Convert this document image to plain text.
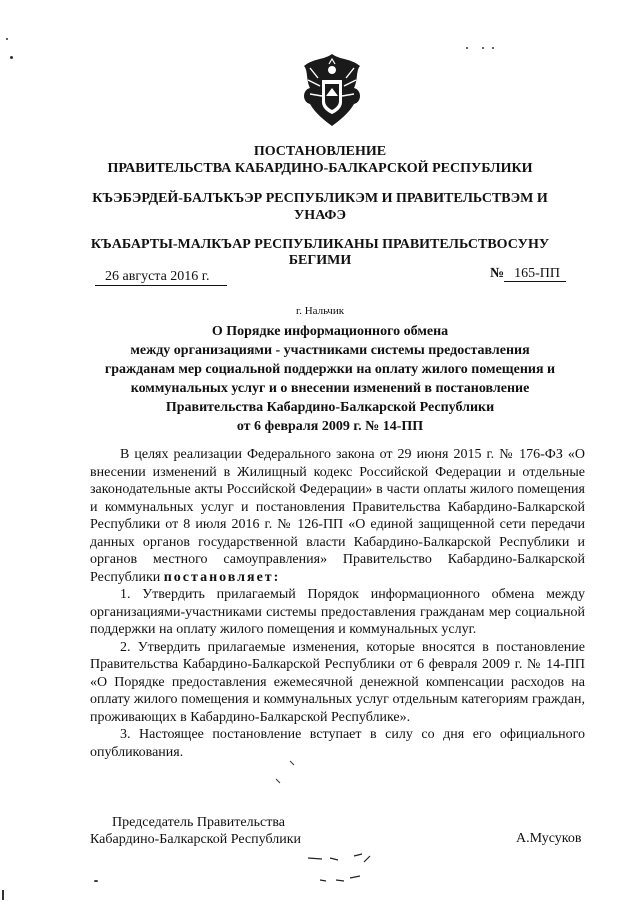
ПОСТАНОВЛЕНИЕ
ПРАВИТЕЛЬСТВА КАБАРДИНО-БАЛКАРСКОЙ РЕСПУБЛИКИ
КЪЭБЭРДЕЙ-БАЛЪКЪЭР РЕСПУБЛИКЭМ И ПРАВИТЕЛЬСТВЭМ И
УНАФЭ
КЪАБАРТЫ-МАЛКЪАР РЕСПУБЛИКАНЫ ПРАВИТЕЛЬСТВОСУНУ
БЕГИМИ
26 августа 2016 г.	№ 165-ПП
г. Нальчик
О Порядке информационного обмена
между организациями - участниками системы предоставления
гражданам мер социальной поддержки на оплату жилого помещения и
коммунальных услуг и о внесении изменений в постановление
Правительства Кабардино-Балкарской Республики
от 6 февраля 2009 г. № 14-ПП

В целях реализации Федерального закона от 29 июня 2015 г. № 176-ФЗ «О внесении изменений в Жилищный кодекс Российской Федерации и отдельные законодательные акты Российской Федерации» в части оплаты жилого помещения и коммунальных услуг и постановления Правительства Кабардино-Балкарской Республики от 8 июля 2016 г. № 126-ПП «О единой защищенной сети передачи данных органов государственной власти Кабардино-Балкарской Республики и органов местного самоуправления» Правительство Кабардино-Балкарской Республики постановляет:

1. Утвердить прилагаемый Порядок информационного обмена между организациями-участниками системы предоставления гражданам мер социальной поддержки на оплату жилого помещения и коммунальных услуг.

2. Утвердить прилагаемые изменения, которые вносятся в постановление Правительства Кабардино-Балкарской Республики от 6 февраля 2009 г. № 14-ПП «О Порядке предоставления ежемесячной денежной компенсации расходов на оплату жилого помещения и коммунальных услуг отдельным категориям граждан, проживающих в Кабардино-Балкарской Республике».

3. Настоящее постановление вступает в силу со дня его официального опубликования.

Председатель Правительства
Кабардино-Балкарской Республики	А.Мусуков
